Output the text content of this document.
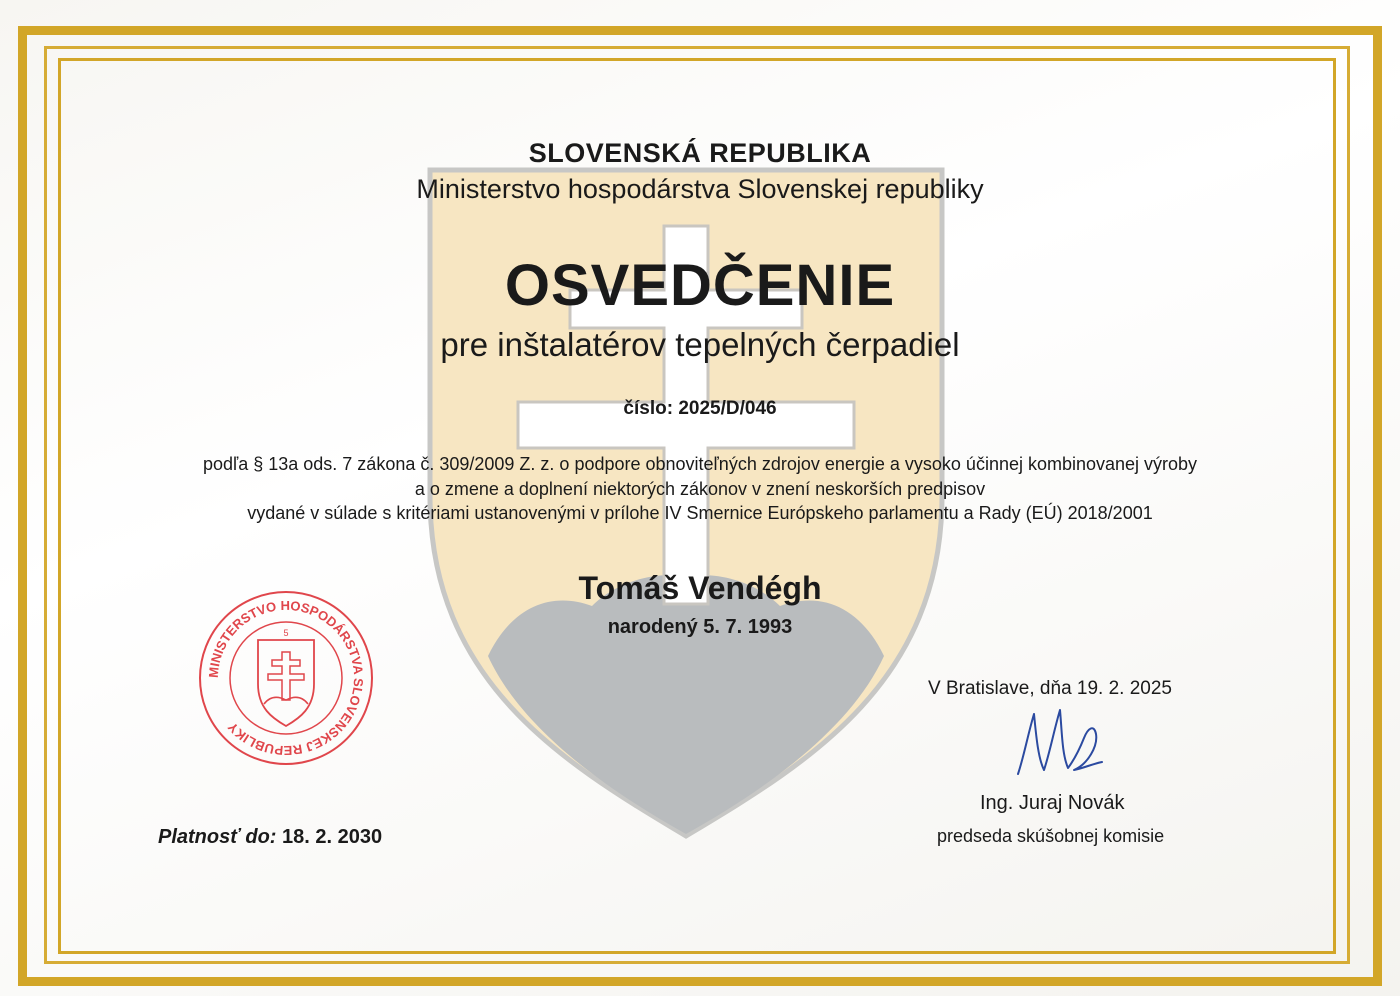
MINISTERSTVO HOSPODÁRSTVA SLOVENSKEJ REPUBLIKY
5
SLOVENSKÁ REPUBLIKA
Ministerstvo hospodárstva Slovenskej republiky
OSVEDČENIE
pre inštalatérov tepelných čerpadiel
číslo: 2025/D/046
podľa § 13a ods. 7 zákona č. 309/2009 Z. z. o podpore obnoviteľných zdrojov energie a vysoko účinnej kombinovanej výroby
a o zmene a doplnení niektorých zákonov v znení neskorších predpisov
vydané v súlade s kritériami ustanovenými v prílohe IV Smernice Európskeho parlamentu a Rady (EÚ) 2018/2001
Tomáš Vendégh
narodený 5. 7. 1993
V Bratislave, dňa 19. 2. 2025
Ing. Juraj Novák
predseda skúšobnej komisie
Platnosť do: 18. 2. 2030
